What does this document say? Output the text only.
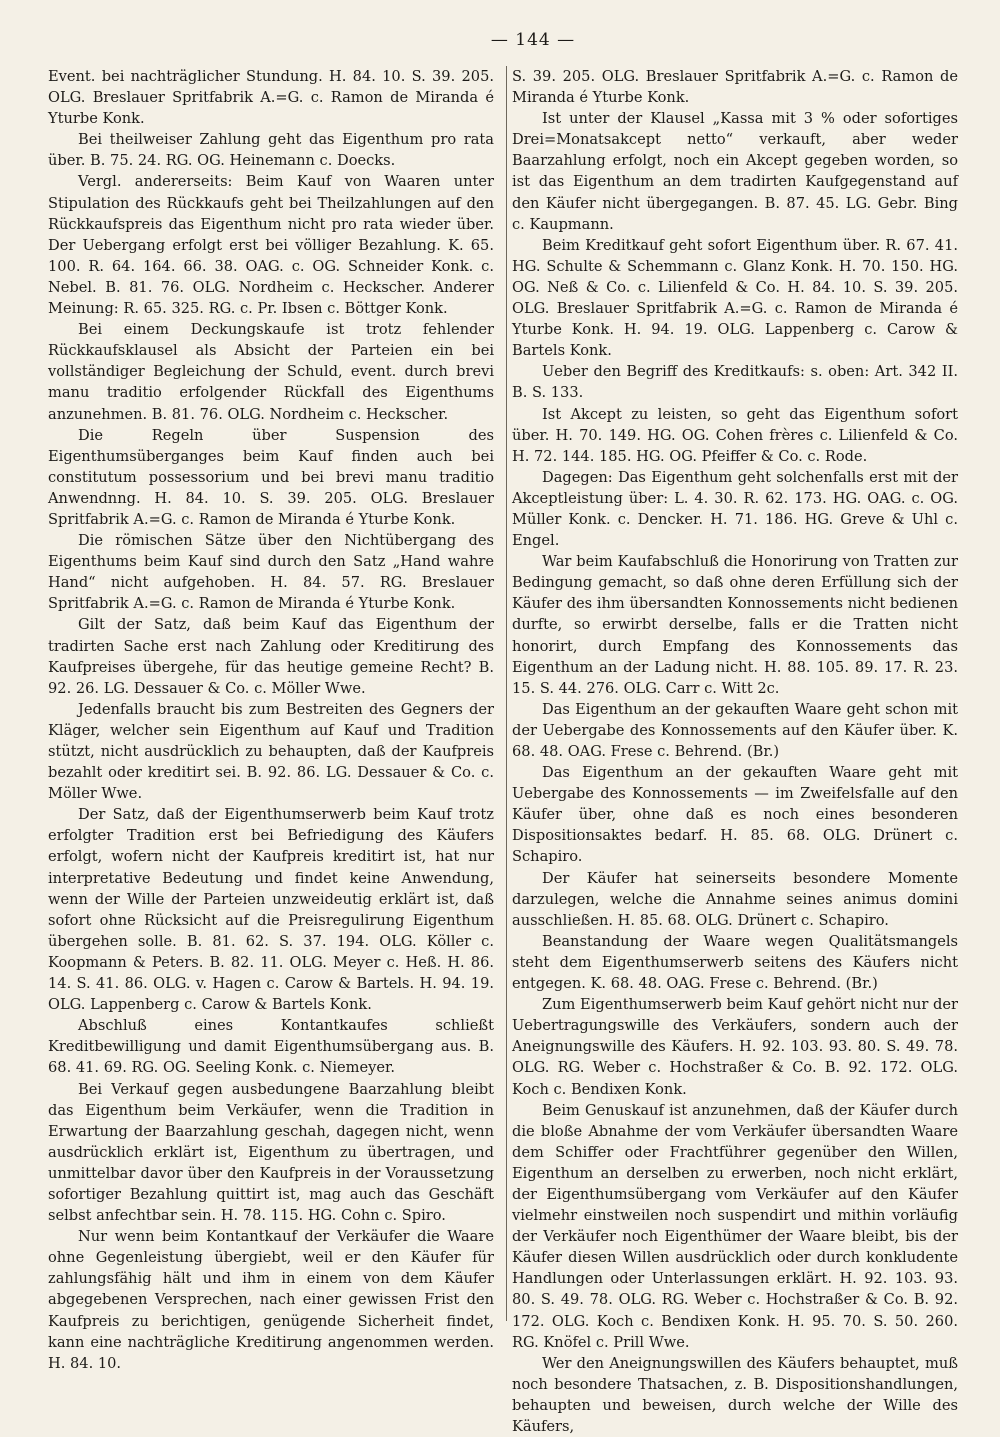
— 144 —

Event. bei nachträglicher Stundung. H. 84. 10. S. 39. 205. OLG. Breslauer Spritfabrik A.=G. c. Ramon de Miranda é Yturbe Konk.

Bei theilweiser Zahlung geht das Eigenthum pro rata über. B. 75. 24. RG. OG. Heinemann c. Doecks.

Vergl. andererseits: Beim Kauf von Waaren unter Stipulation des Rückkaufs geht bei Theilzahlungen auf den Rückkaufspreis das Eigenthum nicht pro rata wieder über. Der Uebergang erfolgt erst bei völliger Bezahlung. K. 65. 100. R. 64. 164. 66. 38. OAG. c. OG. Schneider Konk. c. Nebel. B. 81. 76. OLG. Nordheim c. Heckscher. Anderer Meinung: R. 65. 325. RG. c. Pr. Ibsen c. Böttger Konk.

Bei einem Deckungskaufe ist trotz fehlender Rückkaufsklausel als Absicht der Parteien ein bei vollständiger Begleichung der Schuld, event. durch brevi manu traditio erfolgender Rückfall des Eigenthums anzunehmen. B. 81. 76. OLG. Nordheim c. Heckscher.

Die Regeln über Suspension des Eigenthumsüberganges beim Kauf finden auch bei constitutum possessorium und bei brevi manu traditio Anwendnng. H. 84. 10. S. 39. 205. OLG. Breslauer Spritfabrik A.=G. c. Ramon de Miranda é Yturbe Konk.

Die römischen Sätze über den Nichtübergang des Eigenthums beim Kauf sind durch den Satz „Hand wahre Hand“ nicht aufgehoben. H. 84. 57. RG. Breslauer Spritfabrik A.=G. c. Ramon de Miranda é Yturbe Konk.

Gilt der Satz, daß beim Kauf das Eigenthum der tradirten Sache erst nach Zahlung oder Kreditirung des Kaufpreises übergehe, für das heutige gemeine Recht? B. 92. 26. LG. Dessauer & Co. c. Möller Wwe.

Jedenfalls braucht bis zum Bestreiten des Gegners der Kläger, welcher sein Eigenthum auf Kauf und Tradition stützt, nicht ausdrücklich zu behaupten, daß der Kaufpreis bezahlt oder kreditirt sei. B. 92. 86. LG. Dessauer & Co. c. Möller Wwe.

Der Satz, daß der Eigenthumserwerb beim Kauf trotz erfolgter Tradition erst bei Befriedigung des Käufers erfolgt, wofern nicht der Kaufpreis kreditirt ist, hat nur interpretative Bedeutung und findet keine Anwendung, wenn der Wille der Parteien unzweideutig erklärt ist, daß sofort ohne Rücksicht auf die Preisregulirung Eigenthum übergehen solle. B. 81. 62. S. 37. 194. OLG. Köller c. Koopmann & Peters. B. 82. 11. OLG. Meyer c. Heß. H. 86. 14. S. 41. 86. OLG. v. Hagen c. Carow & Bartels. H. 94. 19. OLG. Lappenberg c. Carow & Bartels Konk.

Abschluß eines Kontantkaufes schließt Kreditbewilligung und damit Eigenthumsübergang aus. B. 68. 41. 69. RG. OG. Seeling Konk. c. Niemeyer.

Bei Verkauf gegen ausbedungene Baarzahlung bleibt das Eigenthum beim Verkäufer, wenn die Tradition in Erwartung der Baarzahlung geschah, dagegen nicht, wenn ausdrücklich erklärt ist, Eigenthum zu übertragen, und unmittelbar davor über den Kaufpreis in der Voraussetzung sofortiger Bezahlung quittirt ist, mag auch das Geschäft selbst anfechtbar sein. H. 78. 115. HG. Cohn c. Spiro.

Nur wenn beim Kontantkauf der Verkäufer die Waare ohne Gegenleistung übergiebt, weil er den Käufer für zahlungsfähig hält und ihm in einem von dem Käufer abgegebenen Versprechen, nach einer gewissen Frist den Kaufpreis zu berichtigen, genügende Sicherheit findet, kann eine nachträgliche Kreditirung angenommen werden. H. 84. 10.

S. 39. 205. OLG. Breslauer Spritfabrik A.=G. c. Ramon de Miranda é Yturbe Konk.

Ist unter der Klausel „Kassa mit 3 % oder sofortiges Drei=Monatsakcept netto“ verkauft, aber weder Baarzahlung erfolgt, noch ein Akcept gegeben worden, so ist das Eigenthum an dem tradirten Kaufgegenstand auf den Käufer nicht übergegangen. B. 87. 45. LG. Gebr. Bing c. Kaupmann.

Beim Kreditkauf geht sofort Eigenthum über. R. 67. 41. HG. Schulte & Schemmann c. Glanz Konk. H. 70. 150. HG. OG. Neß & Co. c. Lilienfeld & Co. H. 84. 10. S. 39. 205. OLG. Breslauer Spritfabrik A.=G. c. Ramon de Miranda é Yturbe Konk. H. 94. 19. OLG. Lappenberg c. Carow & Bartels Konk.

Ueber den Begriff des Kreditkaufs: s. oben: Art. 342 II. B. S. 133.

Ist Akcept zu leisten, so geht das Eigenthum sofort über. H. 70. 149. HG. OG. Cohen frères c. Lilienfeld & Co. H. 72. 144. 185. HG. OG. Pfeiffer & Co. c. Rode.

Dagegen: Das Eigenthum geht solchenfalls erst mit der Akceptleistung über: L. 4. 30. R. 62. 173. HG. OAG. c. OG. Müller Konk. c. Dencker. H. 71. 186. HG. Greve & Uhl c. Engel.

War beim Kaufabschluß die Honorirung von Tratten zur Bedingung gemacht, so daß ohne deren Erfüllung sich der Käufer des ihm übersandten Konnossements nicht bedienen durfte, so erwirbt derselbe, falls er die Tratten nicht honorirt, durch Empfang des Konnossements das Eigenthum an der Ladung nicht. H. 88. 105. 89. 17. R. 23. 15. S. 44. 276. OLG. Carr c. Witt 2c.

Das Eigenthum an der gekauften Waare geht schon mit der Uebergabe des Konnossements auf den Käufer über. K. 68. 48. OAG. Frese c. Behrend. (Br.)

Das Eigenthum an der gekauften Waare geht mit Uebergabe des Konnossements — im Zweifelsfalle auf den Käufer über, ohne daß es noch eines besonderen Dispositionsaktes bedarf. H. 85. 68. OLG. Drünert c. Schapiro.

Der Käufer hat seinerseits besondere Momente darzulegen, welche die Annahme seines animus domini ausschließen. H. 85. 68. OLG. Drünert c. Schapiro.

Beanstandung der Waare wegen Qualitätsmangels steht dem Eigenthumserwerb seitens des Käufers nicht entgegen. K. 68. 48. OAG. Frese c. Behrend. (Br.)

Zum Eigenthumserwerb beim Kauf gehört nicht nur der Uebertragungswille des Verkäufers, sondern auch der Aneignungswille des Käufers. H. 92. 103. 93. 80. S. 49. 78. OLG. RG. Weber c. Hochstraßer & Co. B. 92. 172. OLG. Koch c. Bendixen Konk.

Beim Genuskauf ist anzunehmen, daß der Käufer durch die bloße Abnahme der vom Verkäufer übersandten Waare dem Schiffer oder Frachtführer gegenüber den Willen, Eigenthum an derselben zu erwerben, noch nicht erklärt, der Eigenthumsübergang vom Verkäufer auf den Käufer vielmehr einstweilen noch suspendirt und mithin vorläufig der Verkäufer noch Eigenthümer der Waare bleibt, bis der Käufer diesen Willen ausdrücklich oder durch konkludente Handlungen oder Unterlassungen erklärt. H. 92. 103. 93. 80. S. 49. 78. OLG. RG. Weber c. Hochstraßer & Co. B. 92. 172. OLG. Koch c. Bendixen Konk. H. 95. 70. S. 50. 260. RG. Knöfel c. Prill Wwe.

Wer den Aneignungswillen des Käufers behauptet, muß noch besondere Thatsachen, z. B. Dispositionshandlungen, behaupten und beweisen, durch welche der Wille des Käufers,
